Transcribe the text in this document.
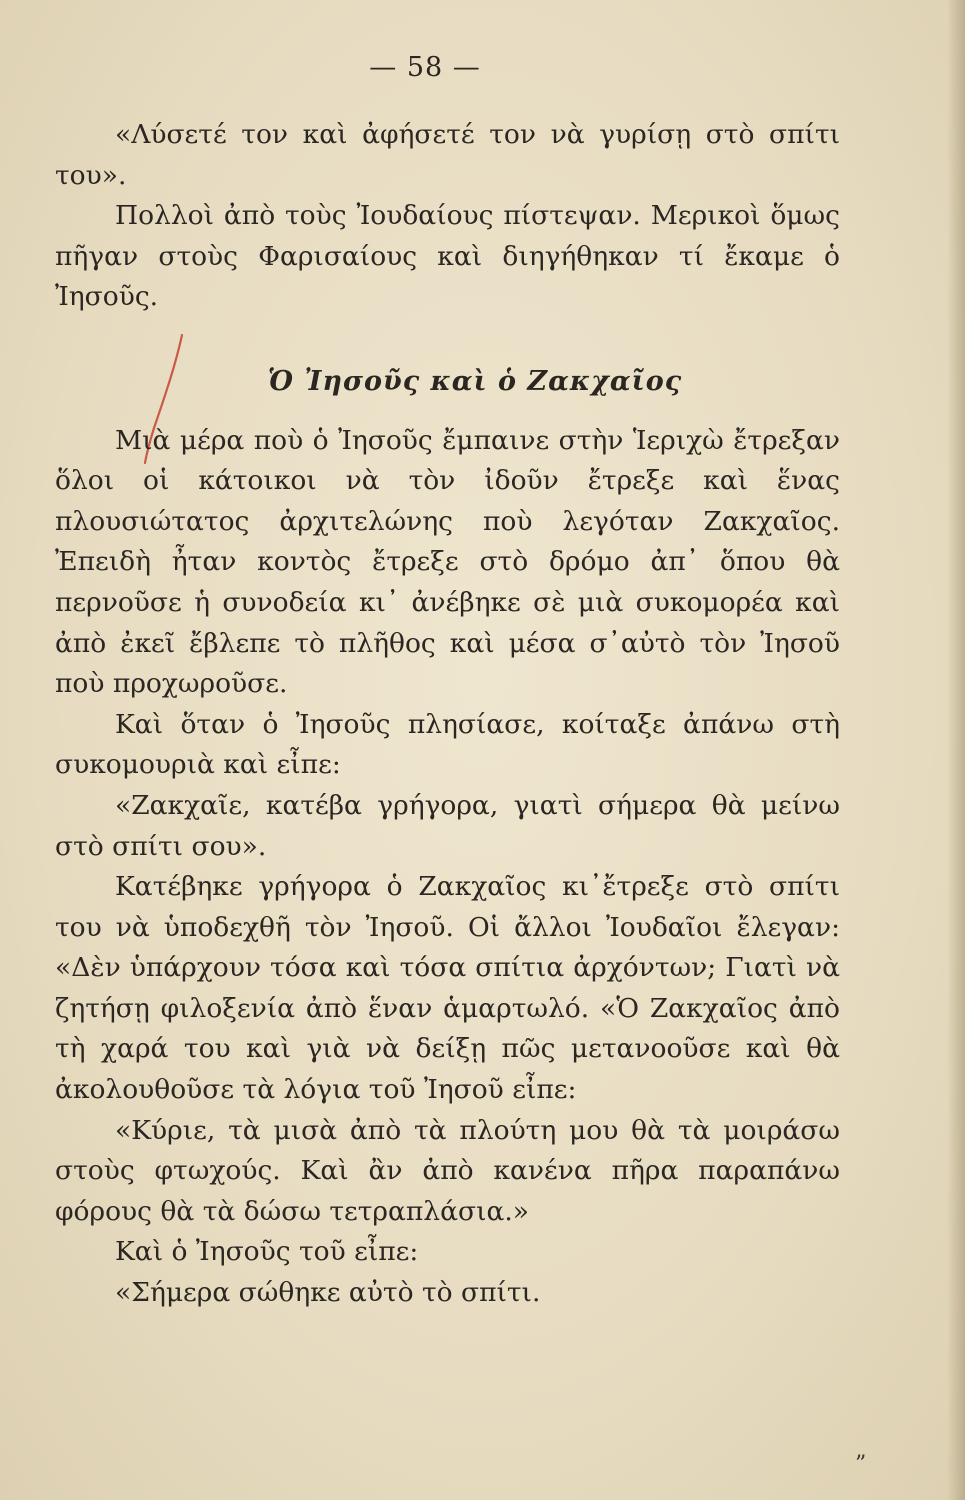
— 58 —

«Λύσετέ τον καὶ ἀφήσετέ τον νὰ γυρίσῃ στὸ σπίτι του».

Πολλοὶ ἀπὸ τοὺς Ἰουδαίους πίστεψαν. Μερικοὶ ὅμως πῆγαν στοὺς Φαρισαίους καὶ διηγήθηκαν τί ἔκαμε ὁ Ἰησοῦς.

Ὁ Ἰησοῦς καὶ ὁ Ζακχαῖος

Μιὰ μέρα ποὺ ὁ Ἰησοῦς ἔμπαινε στὴν Ἱεριχὼ ἔτρεξαν ὅλοι οἱ κάτοικοι νὰ τὸν ἰδοῦν ἔτρεξε καὶ ἕνας πλουσιώτατος ἀρχιτελώνης ποὺ λεγόταν Ζακχαῖος. Ἐπειδὴ ἦταν κοντὸς ἔτρεξε στὸ δρόμο ἀπ᾽ ὅπου θὰ περνοῦσε ἡ συνοδεία κι᾽ ἀνέβηκε σὲ μιὰ συκομορέα καὶ ἀπὸ ἐκεῖ ἔβλεπε τὸ πλῆθος καὶ μέσα σ᾽αὐτὸ τὸν Ἰησοῦ ποὺ προχωροῦσε.

Καὶ ὅταν ὁ Ἰησοῦς πλησίασε, κοίταξε ἀπάνω στὴ συκομουριὰ καὶ εἶπε:

«Ζακχαῖε, κατέβα γρήγορα, γιατὶ σήμερα θὰ μείνω στὸ σπίτι σου».

Κατέβηκε γρήγορα ὁ Ζακχαῖος κι᾽ἔτρεξε στὸ σπίτι του νὰ ὑποδεχθῆ τὸν Ἰησοῦ. Οἱ ἄλλοι Ἰουδαῖοι ἔλεγαν: «Δὲν ὑπάρχουν τόσα καὶ τόσα σπίτια ἀρχόντων; Γιατὶ νὰ ζητήσῃ φιλοξενία ἀπὸ ἕναν ἁμαρτωλό. «Ὁ Ζακχαῖος ἀπὸ τὴ χαρά του καὶ γιὰ νὰ δείξῃ πῶς μετανοοῦσε καὶ θὰ ἀκολουθοῦσε τὰ λόγια τοῦ Ἰησοῦ εἶπε:

«Κύριε, τὰ μισὰ ἀπὸ τὰ πλούτη μου θὰ τὰ μοιράσω στοὺς φτωχούς. Καὶ ἂν ἀπὸ κανένα πῆρα παραπάνω φόρους θὰ τὰ δώσω τετραπλάσια.»

Καὶ ὁ Ἰησοῦς τοῦ εἶπε:

«Σήμερα σώθηκε αὐτὸ τὸ σπίτι.

”
